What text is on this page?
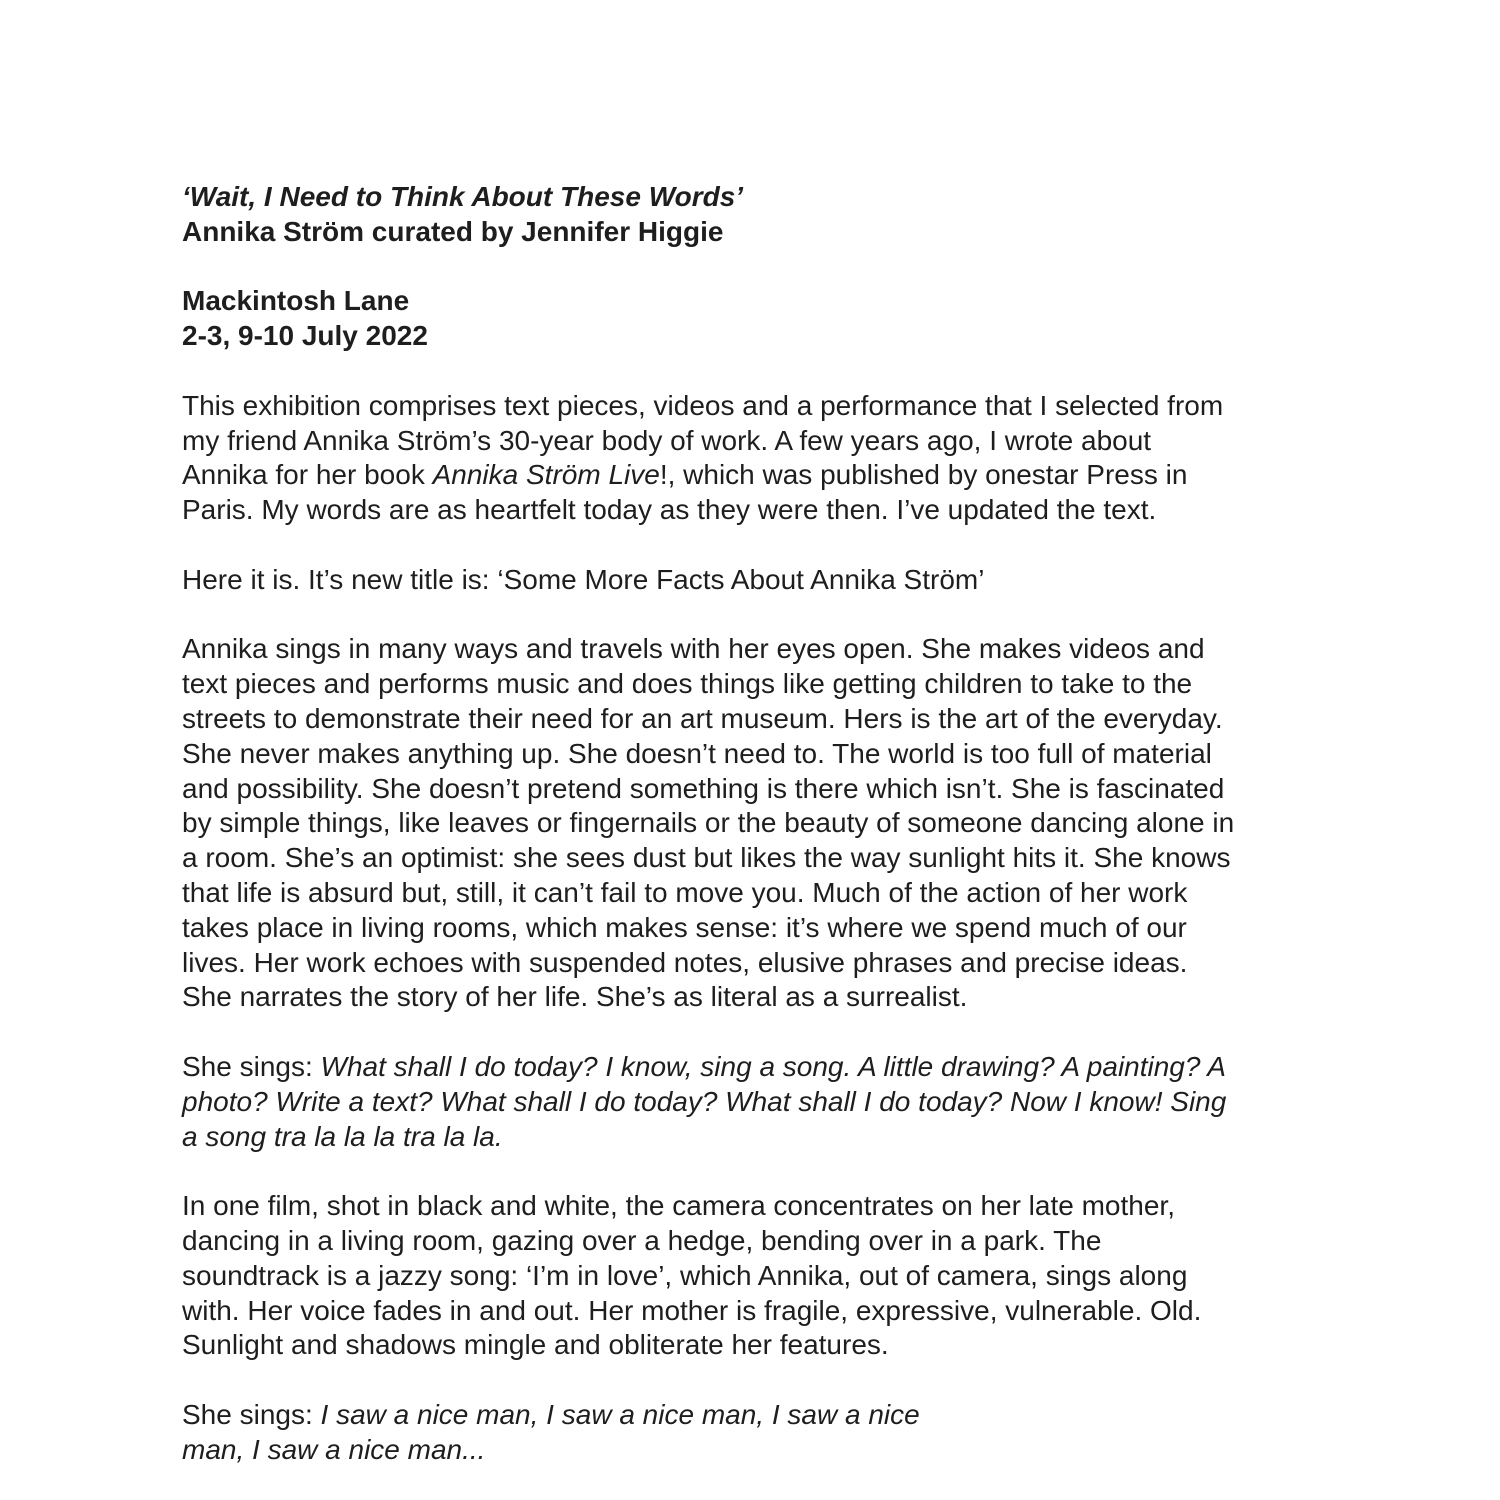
‘Wait, I Need to Think About These Words’
Annika Ström curated by Jennifer Higgie
Mackintosh Lane
2-3, 9-10 July 2022
This exhibition comprises text pieces, videos and a performance that I selected from
my friend Annika Ström’s 30-year body of work. A few years ago, I wrote about
Annika for her book Annika Ström Live!, which was published by onestar Press in
Paris. My words are as heartfelt today as they were then. I’ve updated the text.
Here it is. It’s new title is: ‘Some More Facts About Annika Ström’
Annika sings in many ways and travels with her eyes open. She makes videos and
text pieces and performs music and does things like getting children to take to the
streets to demonstrate their need for an art museum. Hers is the art of the everyday.
She never makes anything up. She doesn’t need to. The world is too full of material
and possibility. She doesn’t pretend something is there which isn’t. She is fascinated
by simple things, like leaves or fingernails or the beauty of someone dancing alone in
a room. She’s an optimist: she sees dust but likes the way sunlight hits it. She knows
that life is absurd but, still, it can’t fail to move you. Much of the action of her work
takes place in living rooms, which makes sense: it’s where we spend much of our
lives. Her work echoes with suspended notes, elusive phrases and precise ideas.
She narrates the story of her life. She’s as literal as a surrealist.
She sings: What shall I do today? I know, sing a song. A little drawing? A painting? A
photo? Write a text? What shall I do today? What shall I do today? Now I know! Sing
a song tra la la la tra la la.
In one film, shot in black and white, the camera concentrates on her late mother,
dancing in a living room, gazing over a hedge, bending over in a park. The
soundtrack is a jazzy song: ‘I’m in love’, which Annika, out of camera, sings along
with. Her voice fades in and out. Her mother is fragile, expressive, vulnerable. Old.
Sunlight and shadows mingle and obliterate her features.
She sings: I saw a nice man, I saw a nice man, I saw a nice
man, I saw a nice man...
